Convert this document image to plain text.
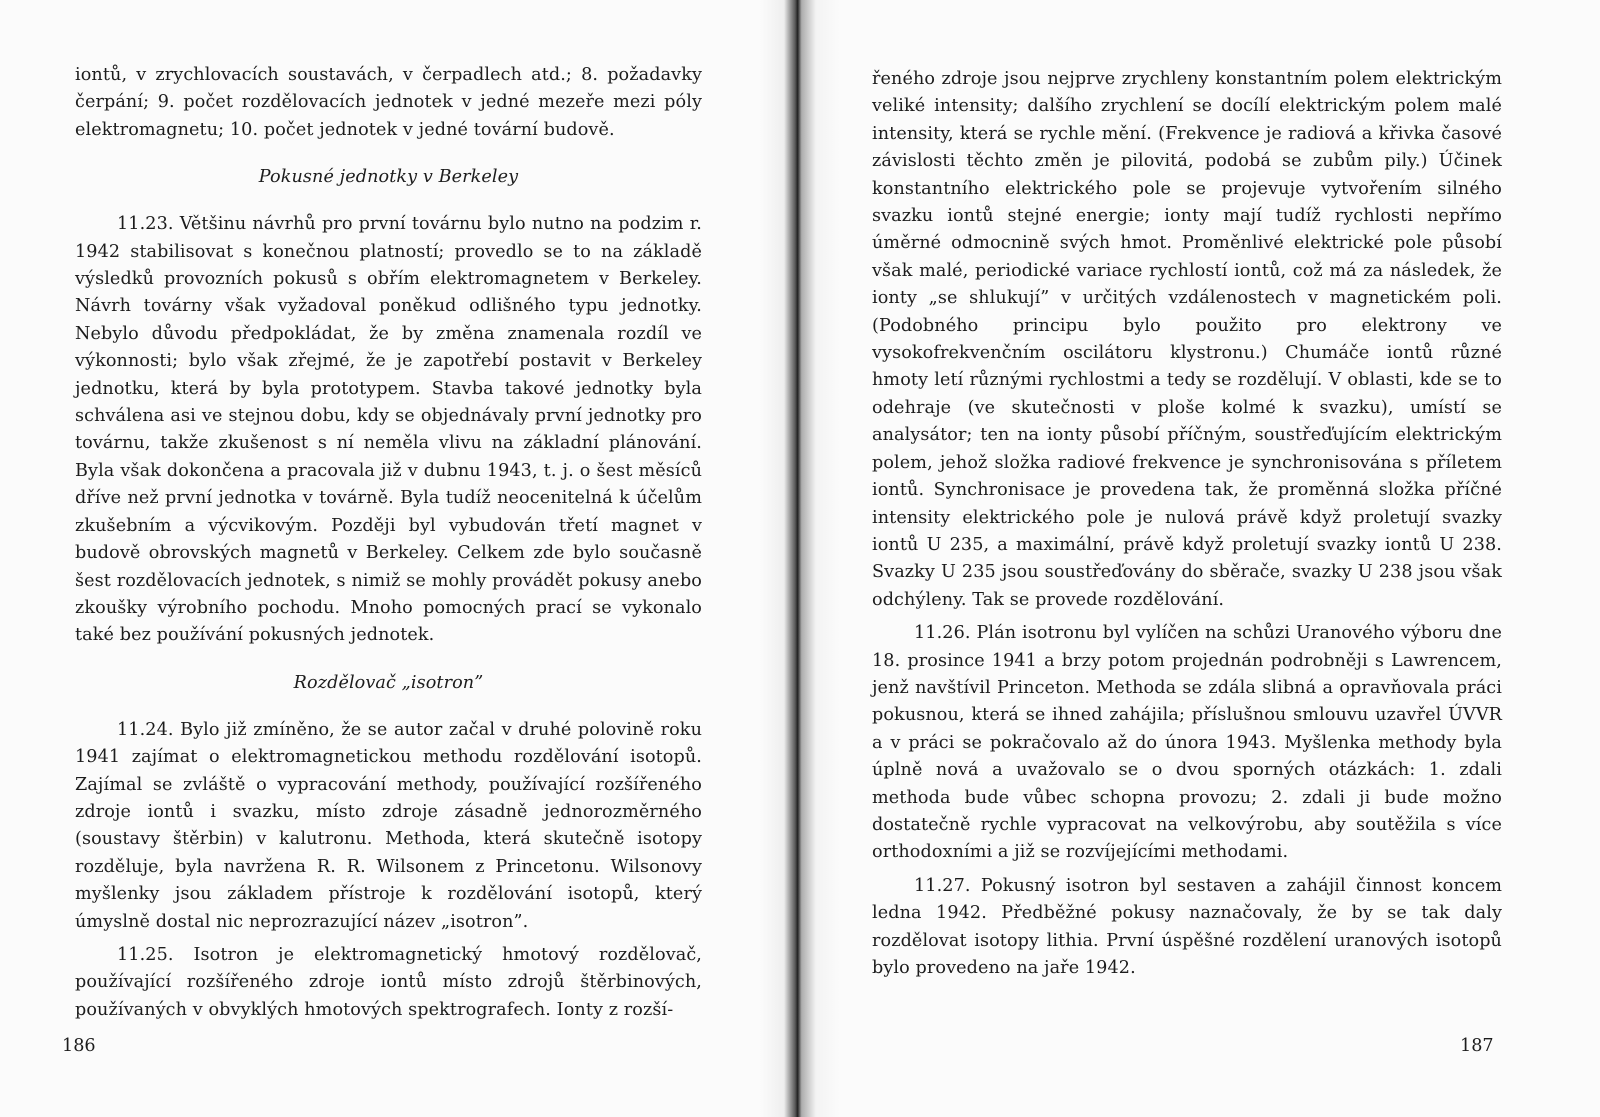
iontů, v zrychlovacích soustavách, v čerpadlech atd.; 8. požadavky čerpání; 9. počet rozdělovacích jednotek v jedné mezeře mezi póly elektromagnetu; 10. počet jednotek v jedné tovární budově.

Pokusné jednotky v Berkeley

11.23. Většinu návrhů pro první továrnu bylo nutno na podzim r. 1942 stabilisovat s konečnou platností; provedlo se to na základě výsledků provozních pokusů s obřím elektromagnetem v Berkeley. Návrh továrny však vyžadoval poněkud odlišného typu jednotky. Nebylo důvodu předpokládat, že by změna znamenala rozdíl ve výkonnosti; bylo však zřejmé, že je zapotřebí postavit v Berkeley jednotku, která by byla prototypem. Stavba takové jednotky byla schválena asi ve stejnou dobu, kdy se objednávaly první jednotky pro továrnu, takže zkušenost s ní neměla vlivu na základní plánování. Byla však dokončena a pracovala již v dubnu 1943, t. j. o šest měsíců dříve než první jednotka v továrně. Byla tudíž neocenitelná k účelům zkušebním a výcvikovým. Později byl vybudován třetí magnet v budově obrovských magnetů v Berkeley. Celkem zde bylo současně šest rozdělovacích jednotek, s nimiž se mohly provádět pokusy anebo zkoušky výrobního pochodu. Mnoho pomocných prací se vykonalo také bez používání pokusných jednotek.

Rozdělovač „isotron”

11.24. Bylo již zmíněno, že se autor začal v druhé polovině roku 1941 zajímat o elektromagnetickou methodu rozdělování isotopů. Zajímal se zvláště o vypracování methody, používající rozšířeného zdroje iontů i svazku, místo zdroje zásadně jednorozměrného (soustavy štěrbin) v kalutronu. Methoda, která skutečně isotopy rozděluje, byla navržena R. R. Wilsonem z Princetonu. Wilsonovy myšlenky jsou základem přístroje k rozdělování isotopů, který úmyslně dostal nic neprozrazující název „isotron”.

11.25. Isotron je elektromagnetický hmotový rozdělovač, používající rozšířeného zdroje iontů místo zdrojů štěrbinových, používaných v obvyklých hmotových spektrografech. Ionty z rozší-

186

řeného zdroje jsou nejprve zrychleny konstantním polem elektrickým veliké intensity; dalšího zrychlení se docílí elektrickým polem malé intensity, která se rychle mění. (Frekvence je radiová a křivka časové závislosti těchto změn je pilovitá, podobá se zubům pily.) Účinek konstantního elektrického pole se projevuje vytvořením silného svazku iontů stejné energie; ionty mají tudíž rychlosti nepřímo úměrné odmocnině svých hmot. Proměnlivé elektrické pole působí však malé, periodické variace rychlostí iontů, což má za následek, že ionty „se shlukují” v určitých vzdálenostech v magnetickém poli. (Podobného principu bylo použito pro elektrony ve vysokofrekvenčním oscilátoru klystronu.) Chumáče iontů různé hmoty letí různými rychlostmi a tedy se rozdělují. V oblasti, kde se to odehraje (ve skutečnosti v ploše kolmé k svazku), umístí se analysátor; ten na ionty působí příčným, soustřeďujícím elektrickým polem, jehož složka radiové frekvence je synchronisována s příletem iontů. Synchronisace je provedena tak, že proměnná složka příčné intensity elektrického pole je nulová právě když proletují svazky iontů U 235, a maximální, právě když proletují svazky iontů U 238. Svazky U 235 jsou soustřeďovány do sběrače, svazky U 238 jsou však odchýleny. Tak se provede rozdělování.

11.26. Plán isotronu byl vylíčen na schůzi Uranového výboru dne 18. prosince 1941 a brzy potom projednán podrobněji s Lawrencem, jenž navštívil Princeton. Methoda se zdála slibná a opravňovala práci pokusnou, která se ihned zahájila; příslušnou smlouvu uzavřel ÚVVR a v práci se pokračovalo až do února 1943. Myšlenka methody byla úplně nová a uvažovalo se o dvou sporných otázkách: 1. zdali methoda bude vůbec schopna provozu; 2. zdali ji bude možno dostatečně rychle vypracovat na velkovýrobu, aby soutěžila s více orthodoxními a již se rozvíjejícími methodami.

11.27. Pokusný isotron byl sestaven a zahájil činnost koncem ledna 1942. Předběžné pokusy naznačovaly, že by se tak daly rozdělovat isotopy lithia. První úspěšné rozdělení uranových isotopů bylo provedeno na jaře 1942.

187
